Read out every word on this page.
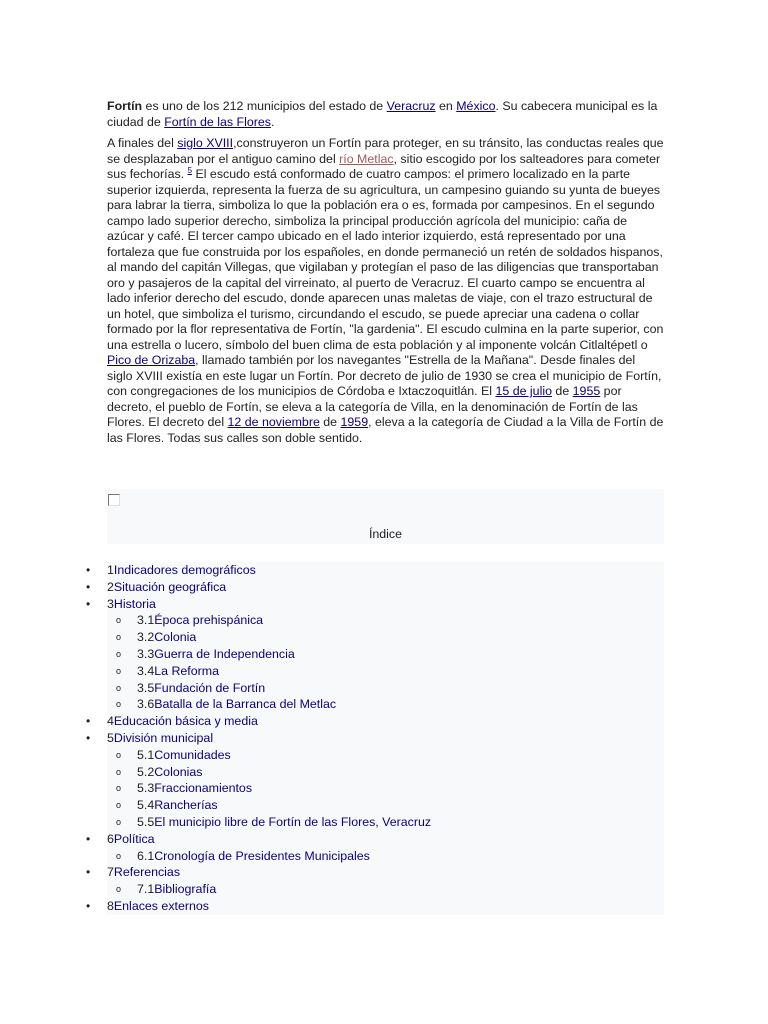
Fortín es uno de los 212 municipios del estado de Veracruz en México. Su cabecera municipal es la ciudad de Fortín de las Flores.

A finales del siglo XVIII,construyeron un Fortín para proteger, en su tránsito, las conductas reales que se desplazaban por el antiguo camino del río Metlac, sitio escogido por los salteadores para cometer sus fechorías. $^5$ El escudo está conformado de cuatro campos: el primero localizado en la parte superior izquierda, representa la fuerza de su agricultura, un campesino guiando su yunta de bueyes para labrar la tierra, simboliza lo que la población era o es, formada por campesinos. En el segundo campo lado superior derecho, simboliza la principal producción agrícola del municipio: caña de azúcar y café. El tercer campo ubicado en el lado interior izquierdo, está representado por una fortaleza que fue construida por los españoles, en donde permaneció un retén de soldados hispanos, al mando del capitán Villegas, que vigilaban y protegían el paso de las diligencias que transportaban oro y pasajeros de la capital del virreinato, al puerto de Veracruz. El cuarto campo se encuentra al lado inferior derecho del escudo, donde aparecen unas maletas de viaje, con el trazo estructural de un hotel, que simboliza el turismo, circundando el escudo, se puede apreciar una cadena o collar formado por la flor representativa de Fortín, "la gardenia". El escudo culmina en la parte superior, con una estrella o lucero, símbolo del buen clima de esta población y al imponente volcán Citlaltépetl o Pico de Orizaba, llamado también por los navegantes "Estrella de la Mañana". Desde finales del siglo XVIII existía en este lugar un Fortín. Por decreto de julio de 1930 se crea el municipio de Fortín, con congregaciones de los municipios de Córdoba e Ixtaczoquitlán. El 15 de julio de 1955 por decreto, el pueblo de Fortín, se eleva a la categoría de Villa, en la denominación de Fortín de las Flores. El decreto del 12 de noviembre de 1959, eleva a la categoría de Ciudad a la Villa de Fortín de las Flores. Todas sus calles son doble sentido.

Índice
• 1Indicadores demográficos
• 2Situación geográfica
• 3Historia
o 3.1Época prehispánica
o 3.2Colonia
o 3.3Guerra de Independencia
o 3.4La Reforma
o 3.5Fundación de Fortín
o 3.6Batalla de la Barranca del Metlac
• 4Educación básica y media
• 5División municipal
o 5.1Comunidades
o 5.2Colonias
o 5.3Fraccionamientos
o 5.4Rancherías
o 5.5El municipio libre de Fortín de las Flores, Veracruz
• 6Política
o 6.1Cronología de Presidentes Municipales
• 7Referencias
o 7.1Bibliografía
• 8Enlaces externos
